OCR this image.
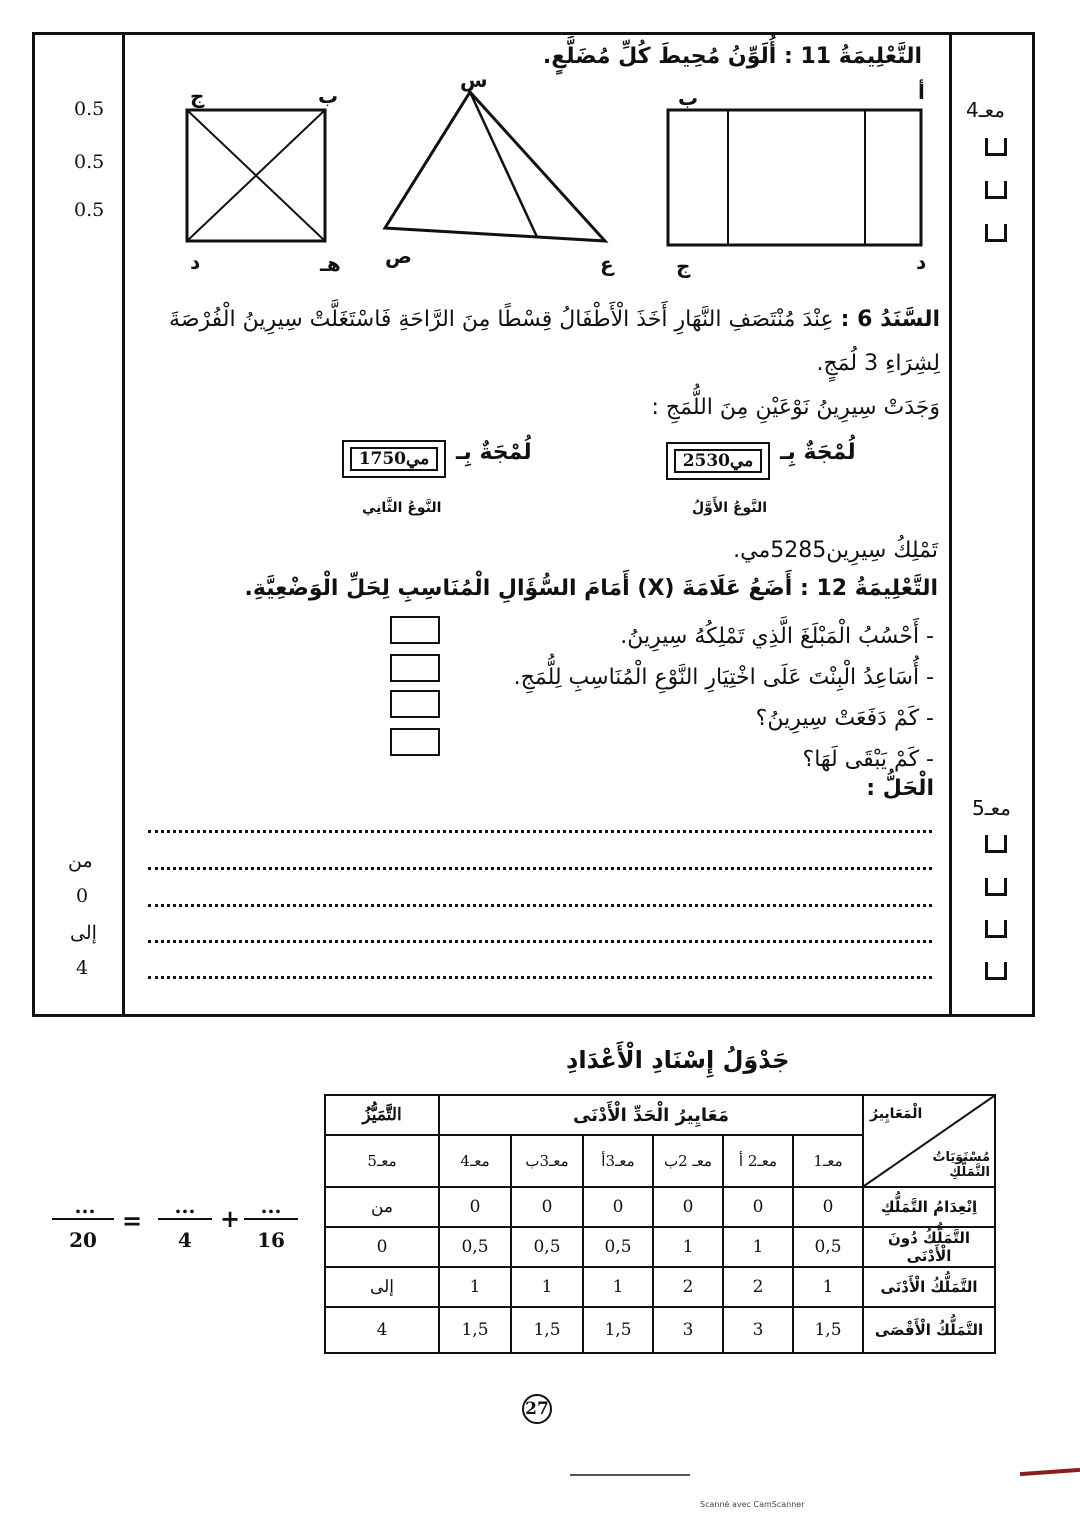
0.5
0.5
0.5
من
0
إلى
4
معـ4
معـ5
التَّعْلِيمَةُ 11 : أُلَوِّنُ مُحِيطَ كُلِّ مُضَلَّعٍ.
ج	ب
د	هـ
س
ص	ع
ب	أ
ج	د
السَّنَدُ 6 : عِنْدَ مُنْتَصَفِ النَّهَارِ أَخَذَ الْأَطْفَالُ قِسْطًا مِنَ الرَّاحَةِ فَاسْتَغَلَّتْ سِيرِينُ الْفُرْصَةَ
لِشِرَاءِ 3 لُمَجٍ.
وَجَدَتْ سِيرِينُ نَوْعَيْنِ مِنَ اللُّمَجِ :
لُمْجَةٌ بِـ
2530مي
النَّوعُ الأَوَّلُ
لُمْجَةٌ بِـ
1750مي
النَّوعُ الثَّانِي
تَمْلِكُ سِيرِين5285مي.
التَّعْلِيمَةُ 12 : أَضَعُ عَلَامَةَ (X) أَمَامَ السُّؤَالِ الْمُنَاسِبِ لِحَلِّ الْوَضْعِيَّةِ.
- أَحْسُبُ الْمَبْلَغَ الَّذِي تَمْلِكُهُ سِيرِينُ.
- أُسَاعِدُ الْبِنْتَ عَلَى اخْتِيَارِ النَّوْعِ الْمُنَاسِبِ لِلُّمَجِ.
- كَمْ دَفَعَتْ سِيرِينُ؟
- كَمْ يَبْقَى لَهَا؟
الْحَلُّ :
جَدْوَلُ إِسْنَادِ الْأَعْدَادِ
التَّمَيُّزُ	مَعَايِيرُ الْحَدِّ الْأَدْنَى						الْمَعَايِيرُ
مُسْتَوَيَاتُ التَّمَلُّكِ

معـ5	معـ4	معـ3ب	معـ3أ	معـ 2ب	معـ2 أ	معـ1	
من	0	0	0	0	0	0	اِنْعِدَامُ التَّمَلُّكِ
0	0,5	0,5	0,5	1	1	0,5	التَّمَلُّكُ دُونَ الْأَدْنَى
إلى	1	1	1	2	2	1	التَّمَلُّكُ الْأَدْنَى
4	1,5	1,5	1,5	3	3	1,5	التَّمَلُّكُ الْأَقْصَى
...
20
= ...
4
+ ...
16
27
Scanné avec CamScanner
